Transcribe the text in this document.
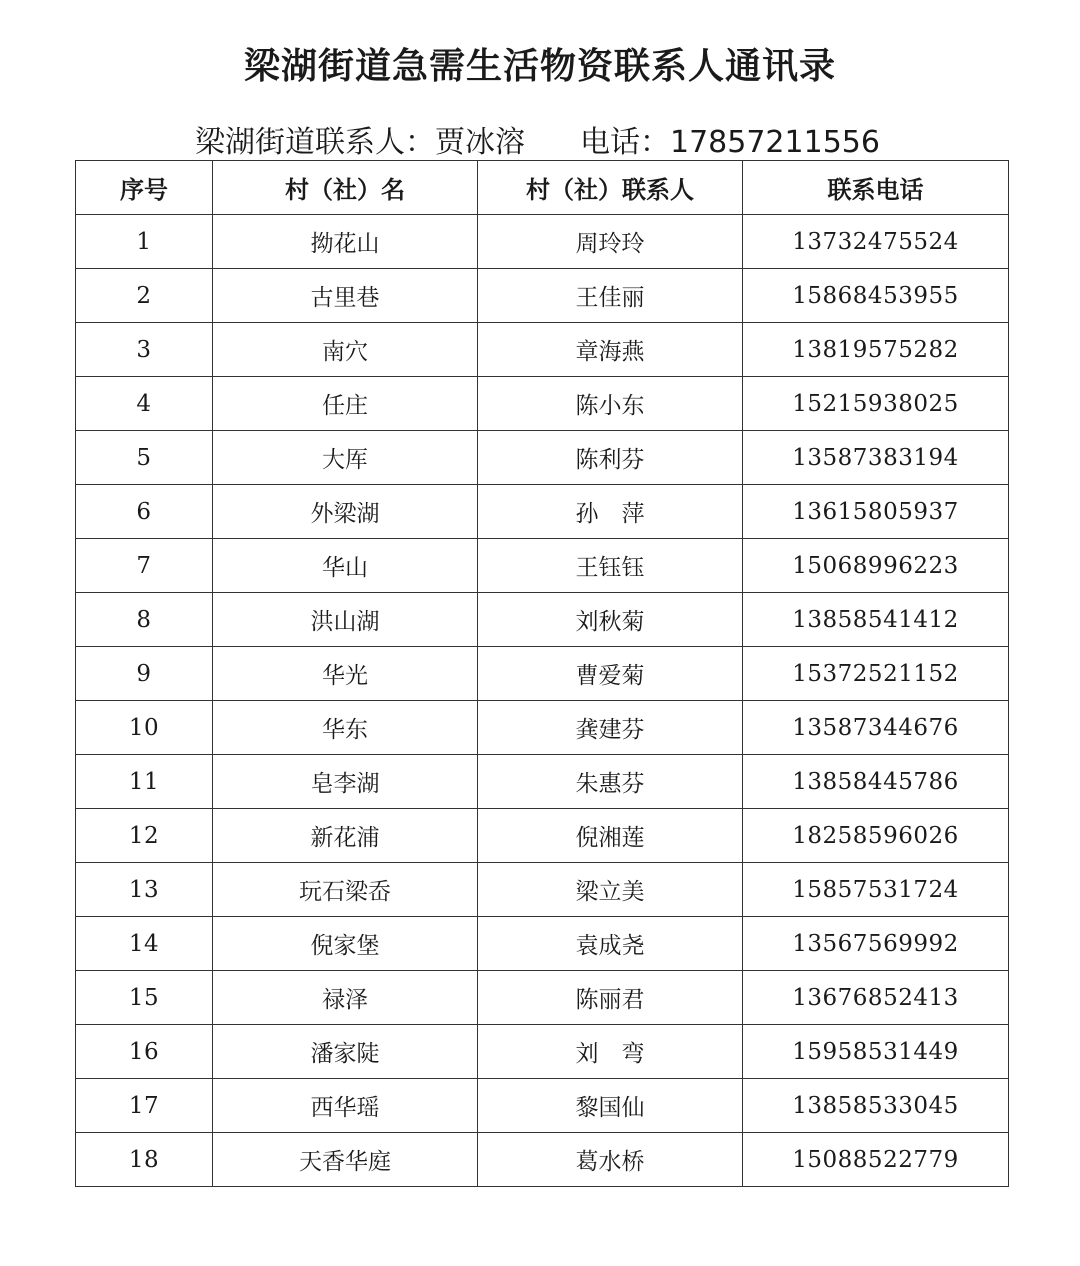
梁湖街道急需生活物资联系人通讯录
梁湖街道联系人：贾冰溶 电话：17857211556
序号	村（社）名	村（社）联系人	联系电话
1	拗花山	周玲玲	13732475524
2	古里巷	王佳丽	15868453955
3	南穴	章海燕	13819575282
4	任庄	陈小东	15215938025
5	大厍	陈利芬	13587383194
6	外梁湖	孙　萍	13615805937
7	华山	王钰钰	15068996223
8	洪山湖	刘秋菊	13858541412
9	华光	曹爱菊	15372521152
10	华东	龚建芬	13587344676
11	皂李湖	朱惠芬	13858445786
12	新花浦	倪湘莲	18258596026
13	玩石梁岙	梁立美	15857531724
14	倪家堡	袁成尧	13567569992
15	禄泽	陈丽君	13676852413
16	潘家陡	刘　弯	15958531449
17	西华瑶	黎国仙	13858533045
18	天香华庭	葛水桥	15088522779
